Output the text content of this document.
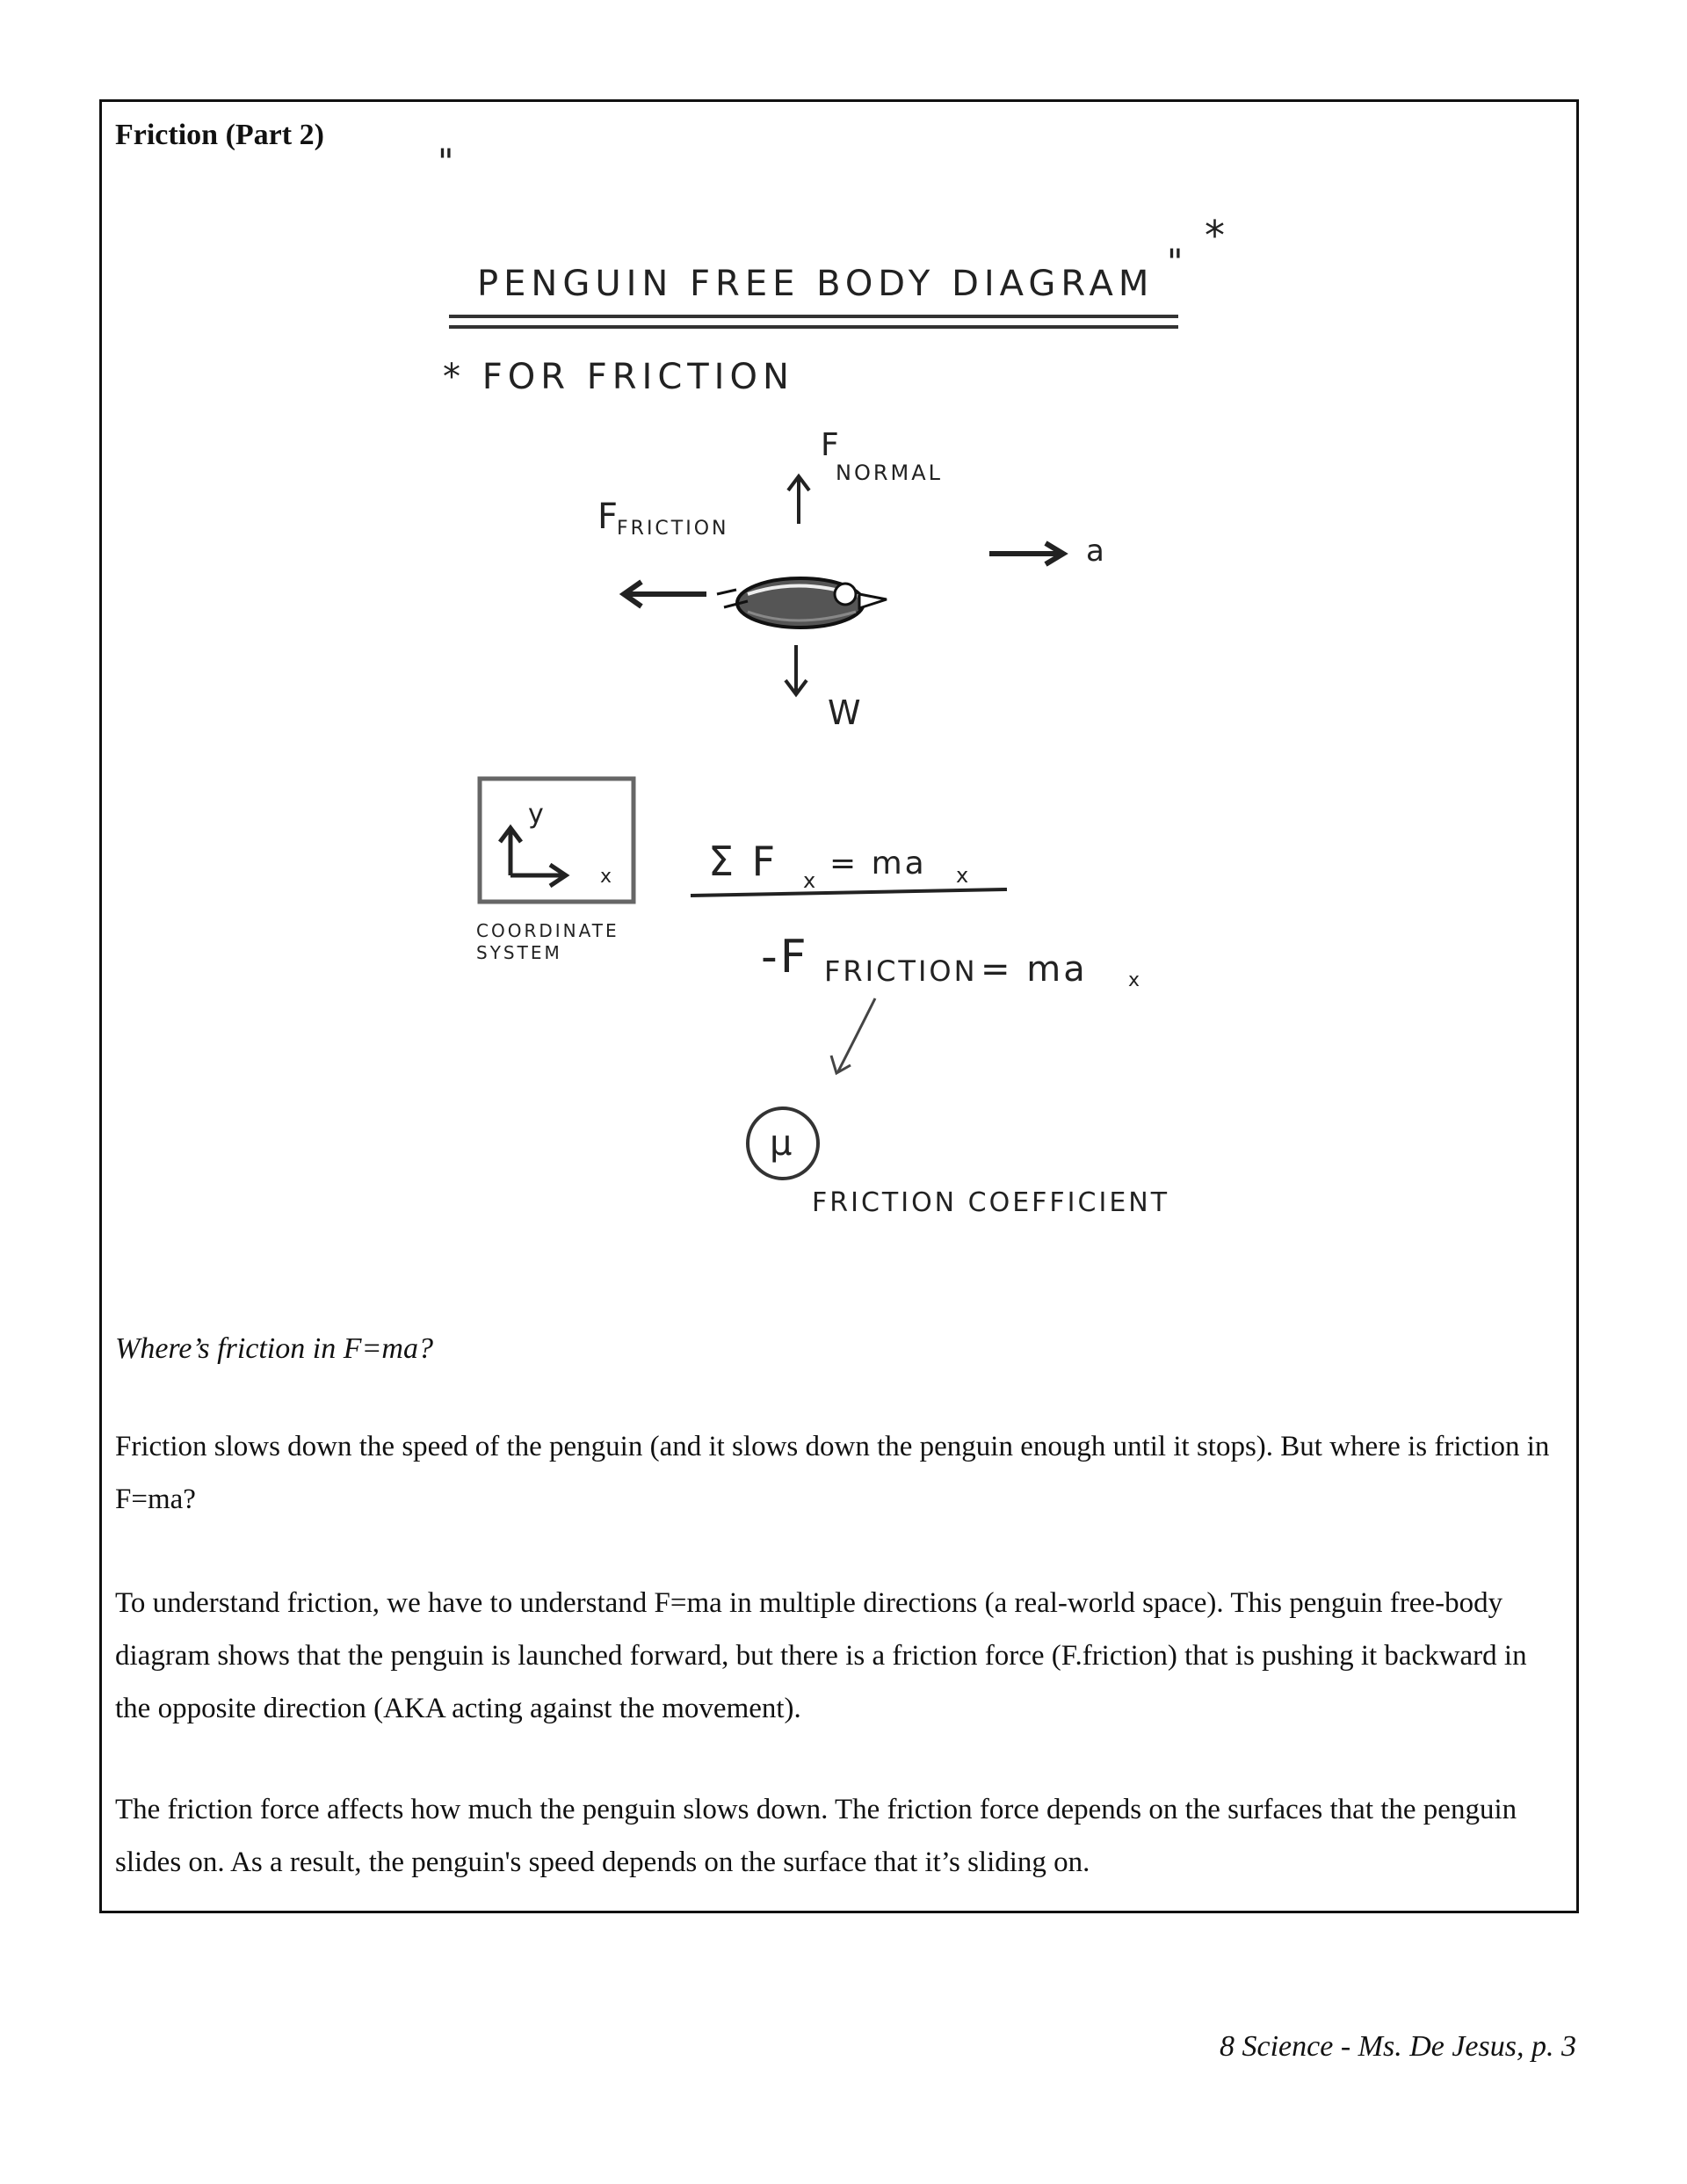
Friction (Part 2)
"
PENGUIN FREE BODY DIAGRAM
"
*
* FOR FRICTION
F
NORMAL
F
FRICTION
a
W
y
x
COORDINATE
SYSTEM
Σ F x = ma x
-F FRICTION = ma x
μ
FRICTION COEFFICIENT
Where’s friction in F=ma?

Friction slows down the speed of the penguin (and it slows down the penguin enough until it stops). But where is friction in F=ma?

To understand friction, we have to understand F=ma in multiple directions (a real-world space). This penguin free-body diagram shows that the penguin is launched forward, but there is a friction force (F.friction) that is pushing it backward in the opposite direction (AKA acting against the movement).

The friction force affects how much the penguin slows down. The friction force depends on the surfaces that the penguin slides on. As a result, the penguin's speed depends on the surface that it’s sliding on.

8 Science - Ms. De Jesus, p. 3
